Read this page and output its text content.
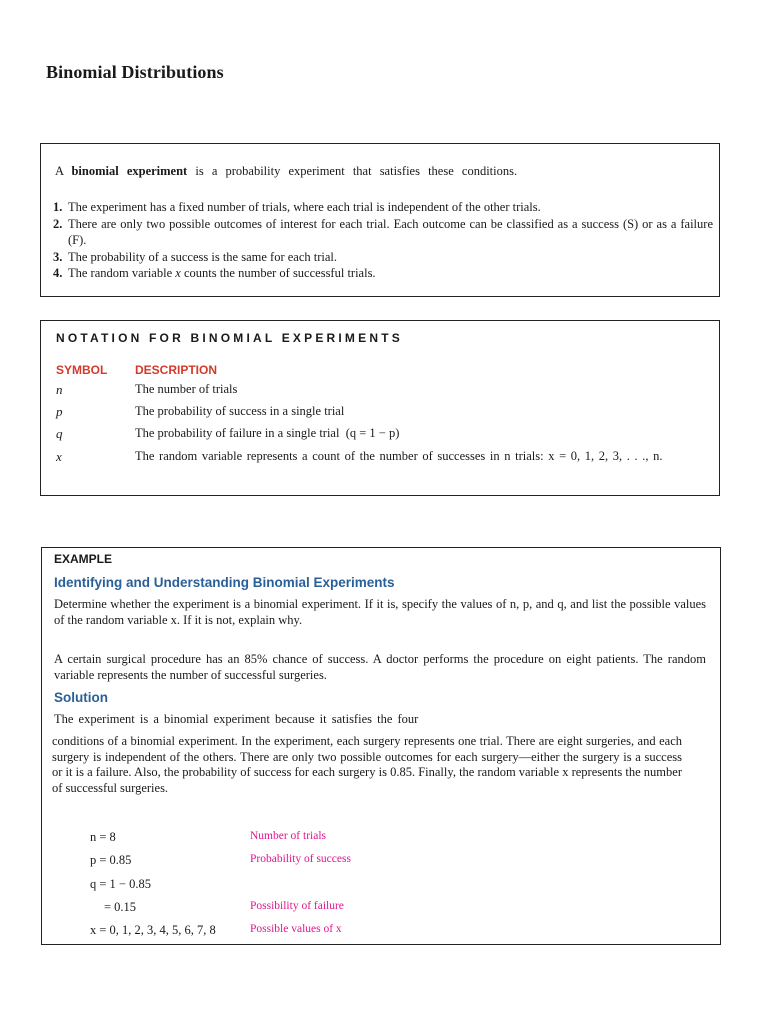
Binomial Distributions
A binomial experiment is a probability experiment that satisfies these conditions.
1. The experiment has a fixed number of trials, where each trial is independent of the other trials.
2. There are only two possible outcomes of interest for each trial. Each outcome can be classified as a success (S) or as a failure (F).
3. The probability of a success is the same for each trial.
4. The random variable x counts the number of successful trials.
NOTATION FOR BINOMIAL EXPERIMENTS
SYMBOL DESCRIPTION
n	The number of trials
p	The probability of success in a single trial
q	The probability of failure in a single trial (q = 1 − p)
x	The random variable represents a count of the number of successes in n trials: x = 0, 1, 2, 3, . . ., n.
EXAMPLE
Identifying and Understanding Binomial Experiments
Determine whether the experiment is a binomial experiment. If it is, specify the values of n, p, and q, and list the possible values of the random variable x. If it is not, explain why.
A certain surgical procedure has an 85% chance of success. A doctor performs the procedure on eight patients. The random variable represents the number of successful surgeries.
Solution
The experiment is a binomial experiment because it satisfies the four
conditions of a binomial experiment. In the experiment, each surgery represents one trial. There are eight surgeries, and each surgery is independent of the others. There are only two possible outcomes for each surgery—either the surgery is a success or it is a failure. Also, the probability of success for each surgery is 0.85. Finally, the random variable x represents the number of successful surgeries.
n = 8	Number of trials
p = 0.85	Probability of success
q = 1 − 0.85
= 0.15	Possibility of failure
x = 0, 1, 2, 3, 4, 5, 6, 7, 8	Possible values of x
